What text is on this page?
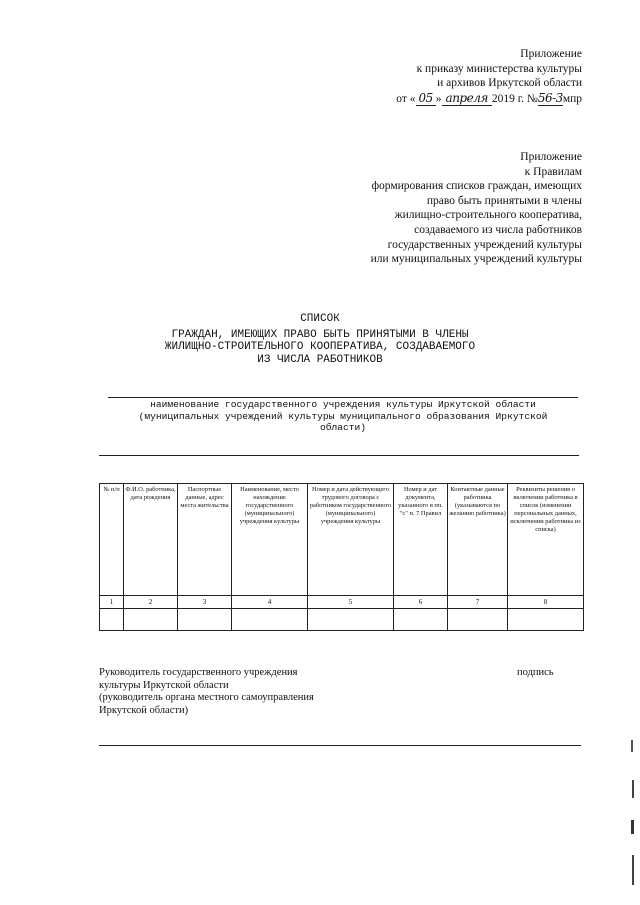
Приложение
к приказу министерства культуры
и архивов Иркутской области
от « 05 » апреля 2019 г. №56-3мпр
Приложение
к Правилам
формирования списков граждан, имеющих
право быть принятыми в члены
жилищно-строительного кооператива,
создаваемого из числа работников
государственных учреждений культуры
или муниципальных учреждений культуры
СПИСОК
ГРАЖДАН, ИМЕЮЩИХ ПРАВО БЫТЬ ПРИНЯТЫМИ В ЧЛЕНЫ
ЖИЛИЩНО-СТРОИТЕЛЬНОГО КООПЕРАТИВА, СОЗДАВАЕМОГО
ИЗ ЧИСЛА РАБОТНИКОВ
наименование государственного учреждения культуры Иркутской области
(муниципальных учреждений культуры муниципального образования Иркутской
области)
№ п/п	Ф.И.О. работника, дата рождения	Паспортные данные, адрес места жительства	Наименование, место нахождение государственного (муниципального) учреждения культуры	Номер и дата действующего трудового договора с работником государственного (муниципального) учреждения культуры	Номер и дат документа, указанного в пп. "с" п. 7 Правил	Контактные данные работника (указываются по желанию работника)	Реквизиты решения о включении работника в список (изменении персональных данных, исключении работника из списка)
1	2	3	4	5	6	7	8

Руководитель государственного учреждения
культуры Иркутской области
(руководитель органа местного самоуправления
Иркутской области)
подпись
